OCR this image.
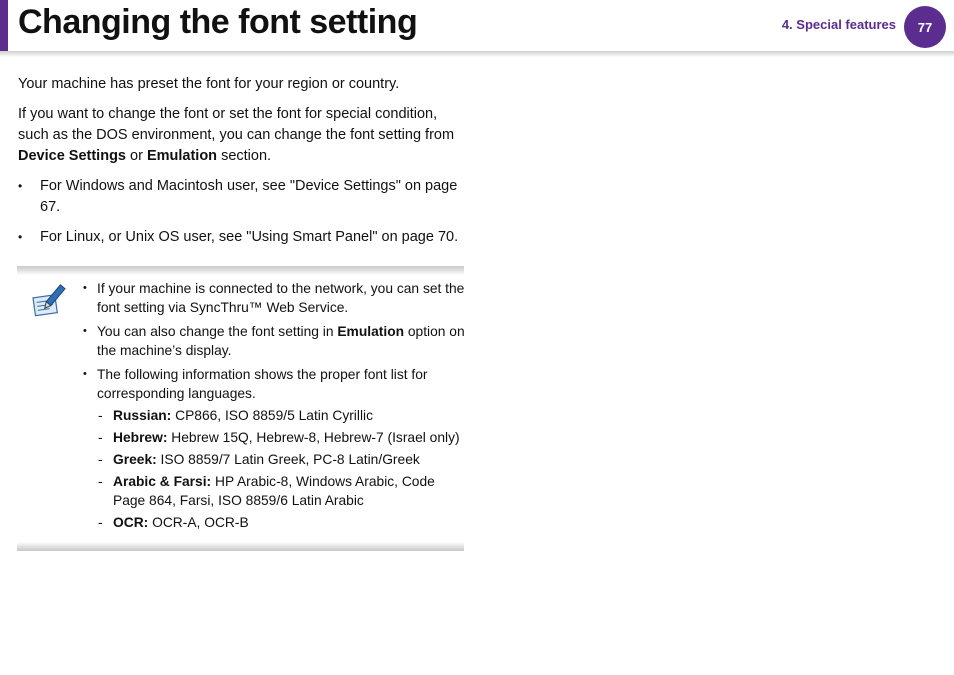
Changing the font setting	4. Special features	77

Your machine has preset the font for your region or country.

If you want to change the font or set the font for special condition, such as the DOS environment, you can change the font setting from Device Settings or Emulation section.

• For Windows and Macintosh user, see "Device Settings" on page 67.
• For Linux, or Unix OS user, see "Using Smart Panel" on page 70.
• If your machine is connected to the network, you can set the font setting via SyncThru™ Web Service.
• You can also change the font setting in Emulation option on the machine’s display.
• The following information shows the proper font list for corresponding languages.
- Russian: CP866, ISO 8859/5 Latin Cyrillic
- Hebrew: Hebrew 15Q, Hebrew-8, Hebrew-7 (Israel only)
- Greek: ISO 8859/7 Latin Greek, PC-8 Latin/Greek
- Arabic & Farsi: HP Arabic-8, Windows Arabic, Code Page 864, Farsi, ISO 8859/6 Latin Arabic
- OCR: OCR-A, OCR-B
